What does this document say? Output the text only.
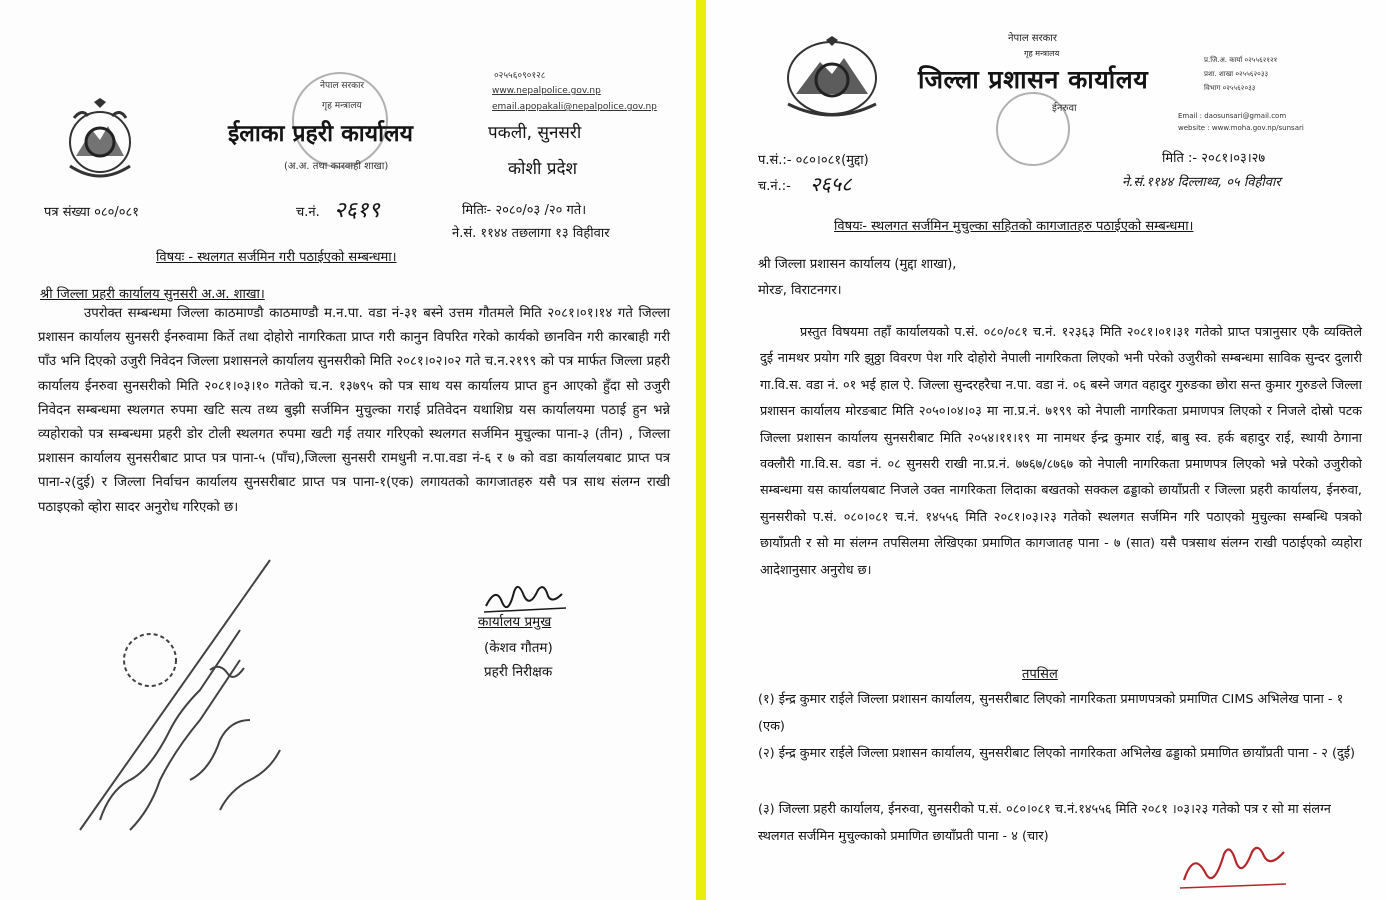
नेपाल सरकार
गृह मन्त्रालय
ईलाका प्रहरी कार्यालय
(अ.अ. तथा कारवाही शाखा)
०२५५६०९०१२८
www.nepalpolice.gov.np
email.apopakali@nepalpolice.gov.np
पकली, सुनसरी
कोशी प्रदेश
पत्र संख्या ०८०/०८१	च.नं. २६१९	मितिः- २०८०/०३ /२० गते।
ने.सं. ११४४ तछलागा १३ विहीवार
विषयः - स्थलगत सर्जमिन गरी पठाईएको सम्बन्धमा।
श्री जिल्ला प्रहरी कार्यालय सुनसरी अ.अ. शाखा।
उपरोक्त सम्बन्धमा जिल्ला काठमाण्डौ काठमाण्डौ म.न.पा. वडा नं-३१ बस्ने उत्तम गौतमले मिति २०८१।०१।१४ गते जिल्ला प्रशासन कार्यालय सुनसरी ईनरुवामा किर्ते तथा दोहोरो नागरिकता प्राप्त गरी कानुन विपरित गरेको कार्यको छानविन गरी कारबाही गरी पाँउ भनि दिएको उजुरी निवेदन जिल्ला प्रशासनले कार्यालय सुनसरीको मिति २०८१।०२।०२ गते च.न.२१९९ को पत्र मार्फत जिल्ला प्रहरी कार्यालय ईनरुवा सुनसरीको मिति २०८१।०३।१० गतेको च.न. १३७९५ को पत्र साथ यस कार्यालय प्राप्त हुन आएको हुँदा सो उजुरी निवेदन सम्बन्धमा स्थलगत रुपमा खटि सत्य तथ्य बुझी सर्जमिन मुचुल्का गराई प्रतिवेदन यथाशिघ्र यस कार्यालयमा पठाई हुन भन्ने व्यहोराको पत्र सम्बन्धमा प्रहरी डोर टोली स्थलगत रुपमा खटी गई तयार गरिएको स्थलगत सर्जमिन मुचुल्का पाना-३ (तीन) , जिल्ला प्रशासन कार्यालय सुनसरीबाट प्राप्त पत्र पाना-५ (पाँच),जिल्ला सुनसरी रामधुनी न.पा.वडा नं-६ र ७ को वडा कार्यालयबाट प्राप्त पत्र पाना-२(दुई) र जिल्ला निर्वाचन कार्यालय सुनसरीबाट प्राप्त पत्र पाना-१(एक) लगायतको कागजातहरु यसै पत्र साथ संलग्न राखी पठाइएको व्होरा सादर अनुरोध गरिएको छ।
कार्यालय प्रमुख
(केशव गौतम)
प्रहरी निरीक्षक
नेपाल सरकार
गृह मन्त्रालय
जिल्ला प्रशासन कार्यालय
प्र.जि.अ. कार्या ०२५५६२१२१
प्रशा. शाखा ०२५५६२०३३
विभाग ०२५५६२०३३
ईनरुवा
Email : daosunsari@gmail.com
website : www.moha.gov.np/sunsari
प.सं.:- ०८०।०८१(मुद्दा)	मिति :- २०८१।०३।२७
च.नं.:- २६५८	ने.सं.११४४ दिल्लाथ्व, ०५ विहीवार
विषयः- स्थलगत सर्जमिन मुचुल्का सहितको कागजातहरु पठाईएको सम्बन्धमा।
श्री जिल्ला प्रशासन कार्यालय (मुद्दा शाखा),
मोरङ, विराटनगर।
प्रस्तुत विषयमा तहाँ कार्यालयको प.सं. ०८०/०८१ च.नं. १२३६३ मिति २०८१।०१।३१ गतेको प्राप्त पत्रानुसार एकै व्यक्तिले दुई नामथर प्रयोग गरि झुठ्ठा विवरण पेश गरि दोहोरो नेपाली नागरिकता लिएको भनी परेको उजुरीको सम्बन्धमा साविक सुन्दर दुलारी गा.वि.स. वडा नं. ०१ भई हाल ऐ. जिल्ला सुन्दरहरैचा न.पा. वडा नं. ०६ बस्ने जगत वहादुर गुरुङका छोरा सन्त कुमार गुरुङले जिल्ला प्रशासन कार्यालय मोरङबाट मिति २०५०।०४।०३ मा ना.प्र.नं. ७१९९ को नेपाली नागरिकता प्रमाणपत्र लिएको र निजले दोस्रो पटक जिल्ला प्रशासन कार्यालय सुनसरीबाट मिति २०५४।११।१९ मा नामथर ईन्द्र कुमार राई, बाबु स्व. हर्क बहादुर राई, स्थायी ठेगाना वक्लौरी गा.वि.स. वडा नं. ०८ सुनसरी राखी ना.प्र.नं. ७७६७/८७६७ को नेपाली नागरिकता प्रमाणपत्र लिएको भन्ने परेको उजुरीको सम्बन्धमा यस कार्यालयबाट निजले उक्त नागरिकता लिदाका बखतको सक्कल ढड्डाको छायाँप्रती र जिल्ला प्रहरी कार्यालय, ईनरुवा, सुनसरीको प.सं. ०८०।०८१ च.नं. १४५५६ मिति २०८१।०३।२३ गतेको स्थलगत सर्जमिन गरि पठाएको मुचुल्का सम्बन्धि पत्रको छायाँप्रती र सो मा संलग्न तपसिलमा लेखिएका प्रमाणित कागजातह पाना - ७ (सात) यसै पत्रसाथ संलग्न राखी पठाईएको व्यहोरा आदेशानुसार अनुरोध छ।
तपसिल
(१) ईन्द्र कुमार राईले जिल्ला प्रशासन कार्यालय, सुनसरीबाट लिएको नागरिकता प्रमाणपत्रको प्रमाणित CIMS अभिलेख पाना - १ (एक)
(२) ईन्द्र कुमार राईले जिल्ला प्रशासन कार्यालय, सुनसरीबाट लिएको नागरिकता अभिलेख ढड्डाको प्रमाणित छायाँप्रती पाना - २ (दुई)
(३) जिल्ला प्रहरी कार्यालय, ईनरुवा, सुनसरीको प.सं. ०८०।०८१ च.नं.१४५५६ मिति २०८१ ।०३।२३ गतेको पत्र र सो मा संलग्न स्थलगत सर्जमिन मुचुल्काको प्रमाणित छायाँप्रती पाना - ४ (चार)
